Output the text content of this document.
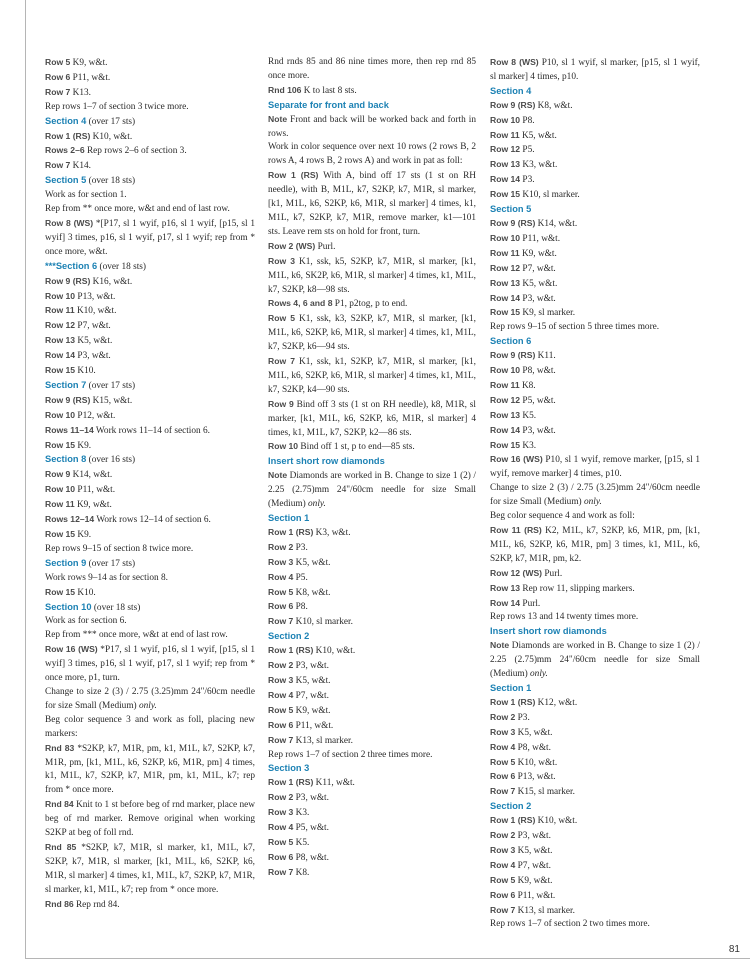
Row 5 K9, w&t.
Row 6 P11, w&t.
Row 7 K13.
Rep rows 1–7 of section 3 twice more.
Section 4 (over 17 sts)
Row 1 (RS) K10, w&t.
Rows 2–6 Rep rows 2–6 of section 3.
Row 7 K14.
Section 5 (over 18 sts)
Work as for section 1.
Rep from ** once more, w&t and end of last row.
Row 8 (WS) *[P17, sl 1 wyif, p16, sl 1 wyif, [p15, sl 1 wyif] 3 times, p16, sl 1 wyif, p17, sl 1 wyif; rep from * once more, w&t.
***Section 6 (over 18 sts)
Row 9 (RS) K16, w&t.
Row 10 P13, w&t.
Row 11 K10, w&t.
Row 12 P7, w&t.
Row 13 K5, w&t.
Row 14 P3, w&t.
Row 15 K10.
Section 7 (over 17 sts)
Row 9 (RS) K15, w&t.
Row 10 P12, w&t.
Rows 11–14 Work rows 11–14 of section 6.
Row 15 K9.
Section 8 (over 16 sts)
Row 9 K14, w&t.
Row 10 P11, w&t.
Row 11 K9, w&t.
Rows 12–14 Work rows 12–14 of section 6.
Row 15 K9.
Rep rows 9–15 of section 8 twice more.
Section 9 (over 17 sts)
Work rows 9–14 as for section 8.
Row 15 K10.
Section 10 (over 18 sts)
Work as for section 6.
Rep from *** once more, w&t at end of last row.
Row 16 (WS) *P17, sl 1 wyif, p16, sl 1 wyif, [p15, sl 1 wyif] 3 times, p16, sl 1 wyif, p17, sl 1 wyif; rep from * once more, p1, turn.
Change to size 2 (3) / 2.75 (3.25)mm 24"/60cm needle for size Small (Medium) only.
Beg color sequence 3 and work as foll, placing new markers:
Rnd 83 *S2KP, k7, M1R, pm, k1, M1L, k7, S2KP, k7, M1R, pm, [k1, M1L, k6, S2KP, k6, M1R, pm] 4 times, k1, M1L, k7, S2KP, k7, M1R, pm, k1, M1L, k7; rep from * once more.
Rnd 84 Knit to 1 st before beg of rnd marker, place new beg of rnd marker. Remove original when working S2KP at beg of foll rnd.
Rnd 85 *S2KP, k7, M1R, sl marker, k1, M1L, k7, S2KP, k7, M1R, sl marker, [k1, M1L, k6, S2KP, k6, M1R, sl marker] 4 times, k1, M1L, k7, S2KP, k7, M1R, sl marker, k1, M1L, k7; rep from * once more.
Rnd 86 Rep rnd 84.
Rnd rnds 85 and 86 nine times more, then rep rnd 85 once more.
Rnd 106 K to last 8 sts.
Separate for front and back
Note Front and back will be worked back and forth in rows.
Work in color sequence over next 10 rows (2 rows B, 2 rows A, 4 rows B, 2 rows A) and work in pat as foll:
Row 1 (RS) With A, bind off 17 sts (1 st on RH needle), with B, M1L, k7, S2KP, k7, M1R, sl marker, [k1, M1L, k6, S2KP, k6, M1R, sl marker] 4 times, k1, M1L, k7, S2KP, k7, M1R, remove marker, k1—101 sts. Leave rem sts on hold for front, turn.
Row 2 (WS) Purl.
Row 3 K1, ssk, k5, S2KP, k7, M1R, sl marker, [k1, M1L, k6, SK2P, k6, M1R, sl marker] 4 times, k1, M1L, k7, S2KP, k8—98 sts.
Rows 4, 6 and 8 P1, p2tog, p to end.
Row 5 K1, ssk, k3, S2KP, k7, M1R, sl marker, [k1, M1L, k6, S2KP, k6, M1R, sl marker] 4 times, k1, M1L, k7, S2KP, k6—94 sts.
Row 7 K1, ssk, k1, S2KP, k7, M1R, sl marker, [k1, M1L, k6, S2KP, k6, M1R, sl marker] 4 times, k1, M1L, k7, S2KP, k4—90 sts.
Row 9 Bind off 3 sts (1 st on RH needle), k8, M1R, sl marker, [k1, M1L, k6, S2KP, k6, M1R, sl marker] 4 times, k1, M1L, k7, S2KP, k2—86 sts.
Row 10 Bind off 1 st, p to end—85 sts.
Insert short row diamonds
Note Diamonds are worked in B. Change to size 1 (2) / 2.25 (2.75)mm 24"/60cm needle for size Small (Medium) only.
Section 1
Row 1 (RS) K3, w&t.
Row 2 P3.
Row 3 K5, w&t.
Row 4 P5.
Row 5 K8, w&t.
Row 6 P8.
Row 7 K10, sl marker.
Section 2
Row 1 (RS) K10, w&t.
Row 2 P3, w&t.
Row 3 K5, w&t.
Row 4 P7, w&t.
Row 5 K9, w&t.
Row 6 P11, w&t.
Row 7 K13, sl marker.
Rep rows 1–7 of section 2 three times more.
Section 3
Row 1 (RS) K11, w&t.
Row 2 P3, w&t.
Row 3 K3.
Row 4 P5, w&t.
Row 5 K5.
Row 6 P8, w&t.
Row 7 K8.
Row 8 (WS) P10, sl 1 wyif, sl marker, [p15, sl 1 wyif, sl marker] 4 times, p10.
Section 4
Row 9 (RS) K8, w&t.
Row 10 P8.
Row 11 K5, w&t.
Row 12 P5.
Row 13 K3, w&t.
Row 14 P3.
Row 15 K10, sl marker.
Section 5
Row 9 (RS) K14, w&t.
Row 10 P11, w&t.
Row 11 K9, w&t.
Row 12 P7, w&t.
Row 13 K5, w&t.
Row 14 P3, w&t.
Row 15 K9, sl marker.
Rep rows 9–15 of section 5 three times more.
Section 6
Row 9 (RS) K11.
Row 10 P8, w&t.
Row 11 K8.
Row 12 P5, w&t.
Row 13 K5.
Row 14 P3, w&t.
Row 15 K3.
Row 16 (WS) P10, sl 1 wyif, remove marker, [p15, sl 1 wyif, remove marker] 4 times, p10.
Change to size 2 (3) / 2.75 (3.25)mm 24"/60cm needle for size Small (Medium) only.
Beg color sequence 4 and work as foll:
Row 11 (RS) K2, M1L, k7, S2KP, k6, M1R, pm, [k1, M1L, k6, S2KP, k6, M1R, pm] 3 times, k1, M1L, k6, S2KP, k7, M1R, pm, k2.
Row 12 (WS) Purl.
Row 13 Rep row 11, slipping markers.
Row 14 Purl.
Rep rows 13 and 14 twenty times more.
Insert short row diamonds
Note Diamonds are worked in B. Change to size 1 (2) / 2.25 (2.75)mm 24"/60cm needle for size Small (Medium) only.
Section 1
Row 1 (RS) K12, w&t.
Row 2 P3.
Row 3 K5, w&t.
Row 4 P8, w&t.
Row 5 K10, w&t.
Row 6 P13, w&t.
Row 7 K15, sl marker.
Section 2
Row 1 (RS) K10, w&t.
Row 2 P3, w&t.
Row 3 K5, w&t.
Row 4 P7, w&t.
Row 5 K9, w&t.
Row 6 P11, w&t.
Row 7 K13, sl marker.
Rep rows 1–7 of section 2 two times more.
81
